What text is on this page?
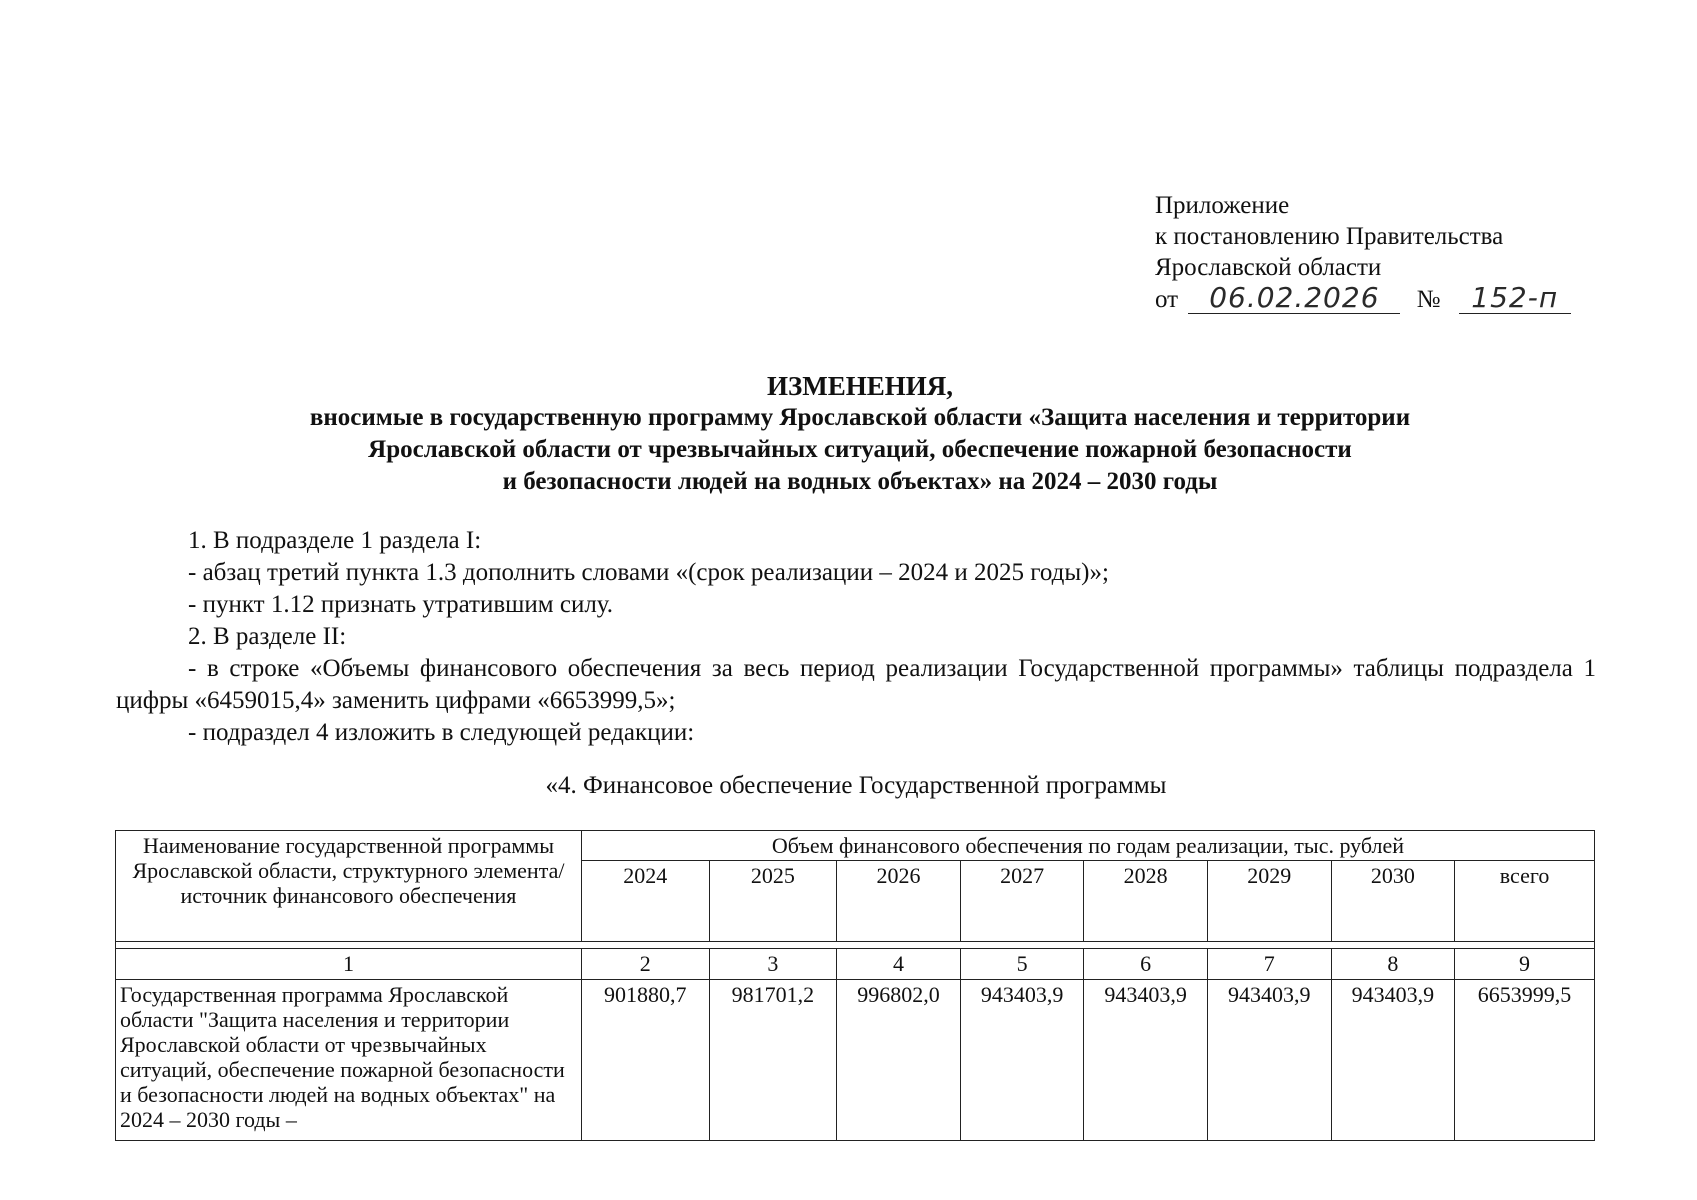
Приложение
к постановлению Правительства
Ярославской области
от 06.02.2026 № 152-п
ИЗМЕНЕНИЯ,
вносимые в государственную программу Ярославской области «Защита населения и территории
Ярославской области от чрезвычайных ситуаций, обеспечение пожарной безопасности
и безопасности людей на водных объектах» на 2024 – 2030 годы

1. В подразделе 1 раздела I:

- абзац третий пункта 1.3 дополнить словами «(срок реализации – 2024 и 2025 годы)»;

- пункт 1.12 признать утратившим силу.

2. В разделе II:

- в строке «Объемы финансового обеспечения за весь период реализации Государственной программы» таблицы подраздела 1 цифры «6459015,4» заменить цифрами «6653999,5»;

- подраздел 4 изложить в следующей редакции:

«4. Финансовое обеспечение Государственной программы
Наименование государственной программы Ярославской области, структурного элемента/ источник финансового обеспечения	Объем финансового обеспечения по годам реализации, тыс. рублей							
	2024	2025	2026	2027	2028	2029	2030	всего

1	2	3	4	5	6	7	8	9
Государственная программа Ярославской области "Защита населения и территории Ярославской области от чрезвычайных ситуаций, обеспечение пожарной безопасности и безопасности людей на водных объектах" на 2024 – 2030 годы –	901880,7	981701,2	996802,0	943403,9	943403,9	943403,9	943403,9	6653999,5
